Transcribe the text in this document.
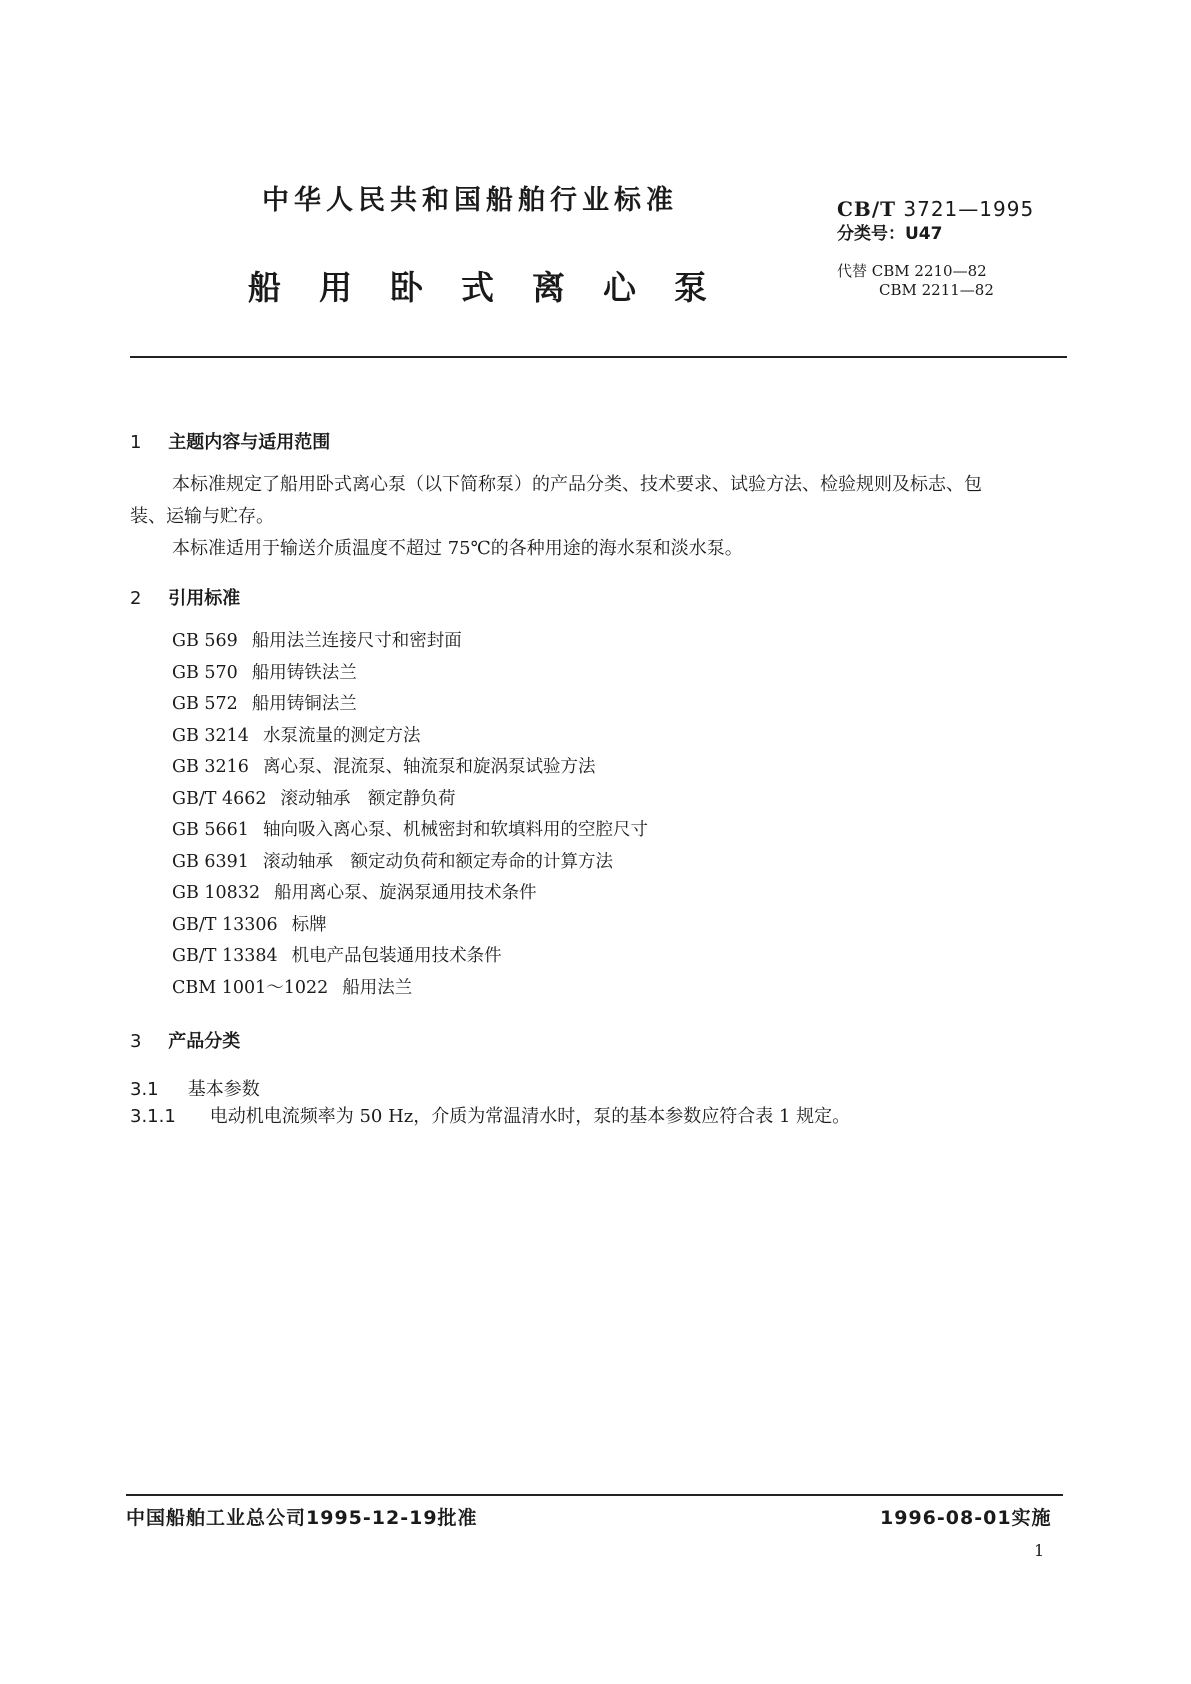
中华人民共和国船舶行业标准
船用卧式离心泵
CB/T 3721—1995
分类号：U47
代替 CBM 2210—82
CBM 2211—82
1 主题内容与适用范围
本标准规定了船用卧式离心泵（以下简称泵）的产品分类、技术要求、试验方法、检验规则及标志、包
装、运输与贮存。
本标准适用于输送介质温度不超过 75℃的各种用途的海水泵和淡水泵。
2 引用标准
GB 569 船用法兰连接尺寸和密封面
GB 570 船用铸铁法兰
GB 572 船用铸铜法兰
GB 3214 水泵流量的测定方法
GB 3216 离心泵、混流泵、轴流泵和旋涡泵试验方法
GB/T 4662 滚动轴承　额定静负荷
GB 5661 轴向吸入离心泵、机械密封和软填料用的空腔尺寸
GB 6391 滚动轴承　额定动负荷和额定寿命的计算方法
GB 10832 船用离心泵、旋涡泵通用技术条件
GB/T 13306 标牌
GB/T 13384 机电产品包装通用技术条件
CBM 1001～1022 船用法兰
3 产品分类
3.1 基本参数
3.1.1 电动机电流频率为 50 Hz，介质为常温清水时，泵的基本参数应符合表 1 规定。
中国船舶工业总公司1995-12-19批准	1996-08-01实施
1
